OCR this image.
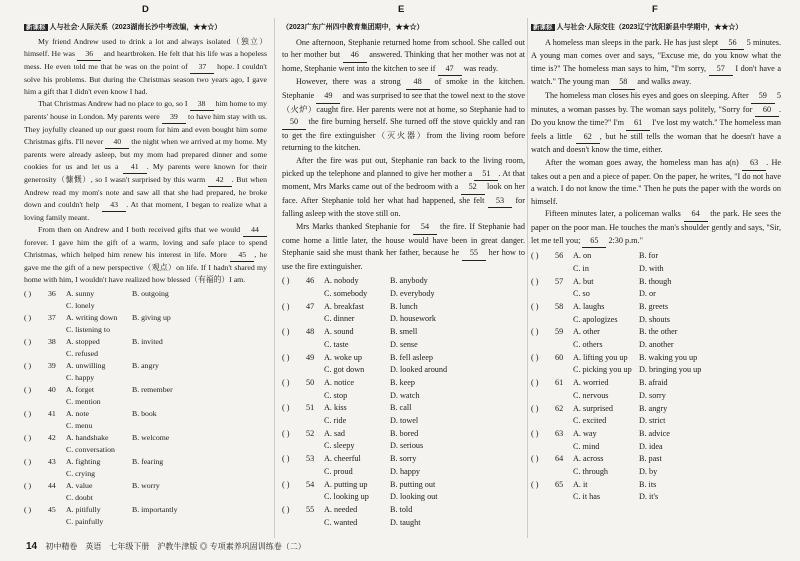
D	E	F
新课标 人与社会·人际关系（2023湖南长沙中考改编，★★☆）

My friend Andrew used to drink a lot and always isolated（独立）himself. He was 36 and heartbroken. He felt that his life was a hopeless mess. He even told me that he was on the point of 37 hope. I couldn't solve his problems. But during the Christmas season two years ago, I gave him a gift that I didn't even know I had.

That Christmas Andrew had no place to go, so I 38 him home to my parents' house in London. My parents were 39 to have him stay with us. They joyfully cleaned up our guest room for him and even bought him some Christmas gifts. I'll never 40 the night when we arrived at my home. My parents were already asleep, but my mom had prepared dinner and some cookies for us and let us a 41 . My parents were known for their generosity（慷慨）, so I wasn't surprised by this warm 42 . But when Andrew read my mom's note and saw all that she had prepared, he broke down and couldn't help 43 . At that moment, I began to realize what a loving family meant.

From then on Andrew and I both received gifts that we would 44 forever. I gave him the gift of a warm, loving and safe place to spend Christmas, which helped him renew his interest in life. More 45 , he gave me the gift of a new perspective（观点）on life. If I hadn't shared my home with him, I wouldn't have realized how blessed（有福的）I am.

( )	36	A. sunny	B. outgoing
C. lonely
( )	37	A. writing down	B. giving up
C. listening to
( )	38	A. stopped	B. invited
C. refused
( )	39	A. unwilling	B. angry
C. happy
( )	40	A. forget	B. remember
C. mention
( )	41	A. note	B. book
C. menu
( )	42	A. handshake	B. welcome
C. conversation
( )	43	A. fighting	B. fearing
C. crying
( )	44	A. value	B. worry
C. doubt
( )	45	A. pitifully	B. importantly
C. painfully
（2023广东广州四中教育集团期中，★★☆）

One afternoon, Stephanie returned home from school. She called out to her mother but 46 answered. Thinking that her mother was not at home, Stephanie went into the kitchen to see if 47 was ready.

However, there was a strong 48 of smoke in the kitchen. Stephanie 49 and was surprised to see that the towel next to the stove（火炉）caught fire. Her parents were not at home, so Stephanie had to 50 the fire burning herself. She turned off the stove quickly and ran to get the fire extinguisher（灭火器）from the living room before returning to the kitchen.

After the fire was put out, Stephanie ran back to the living room, picked up the telephone and planned to give her mother a 51 . At that moment, Mrs Marks came out of the bedroom with a 52 look on her face. After Stephanie told her what had happened, she felt 53 for falling asleep with the stove still on.

Mrs Marks thanked Stephanie for 54 the fire. If Stephanie had come home a little later, the house would have been in great danger. Stephanie said she must thank her father, because he 55 her how to use the fire extinguisher.

( )	46	A. nobody	B. anybody
C. somebody	D. everybody
( )	47	A. breakfast	B. lunch
C. dinner	D. housework
( )	48	A. sound	B. smell
C. taste	D. sense
( )	49	A. woke up	B. fell asleep
C. got down	D. looked around
( )	50	A. notice	B. keep
C. stop	D. watch
( )	51	A. kiss	B. call
C. ride	D. towel
( )	52	A. sad	B. bored
C. sleepy	D. serious
( )	53	A. cheerful	B. sorry
C. proud	D. happy
( )	54	A. putting up	B. putting out
C. looking up	D. looking out
( )	55	A. needed	B. told
C. wanted	D. taught
新课标 人与社会·人际交往（2023辽宁沈阳新县中学期中，★★☆）

A homeless man sleeps in the park. He has just slept 56 5 minutes. A young man comes over and says, "Excuse me, do you know what the time is?" The homeless man says to him, "I'm sorry, 57 I don't have a watch." The young man 58 and walks away.

The homeless man closes his eyes and goes on sleeping. After 59 5 minutes, a woman passes by. The woman says politely, "Sorry for 60 . Do you know the time?" I'm 61 I've lost my watch." The homeless man feels a little 62 , but he still tells the woman that he doesn't have a watch and doesn't know the time, either.

After the woman goes away, the homeless man has a(n) 63 . He takes out a pen and a piece of paper. On the paper, he writes, "I do not have a watch. I do not know the time." Then he puts the paper with the words on himself.

Fifteen minutes later, a policeman walks 64 the park. He sees the paper on the poor man. He touches the man's shoulder gently and says, "Sir, let me tell you; 65 2:30 p.m."

( )	56	A. on	B. for
C. in	D. with
( )	57	A. but	B. though
C. so	D. or
( )	58	A. laughs	B. greets
C. apologizes	D. shouts
( )	59	A. other	B. the other
C. others	D. another
( )	60	A. lifting you up	B. waking you up
C. picking you up D. bringing you up
( )	61	A. worried	B. afraid
C. nervous	D. sorry
( )	62	A. surprised	B. angry
C. excited	D. strict
( )	63	A. way	B. advice
C. mind	D. idea
( )	64	A. across	B. past
C. through	D. by
( )	65	A. it	B. its
C. it has	D. it's
14 初中精卷　英语　七年级下册　沪教牛津版 ◎ 专项素养巩固训练卷（二）
